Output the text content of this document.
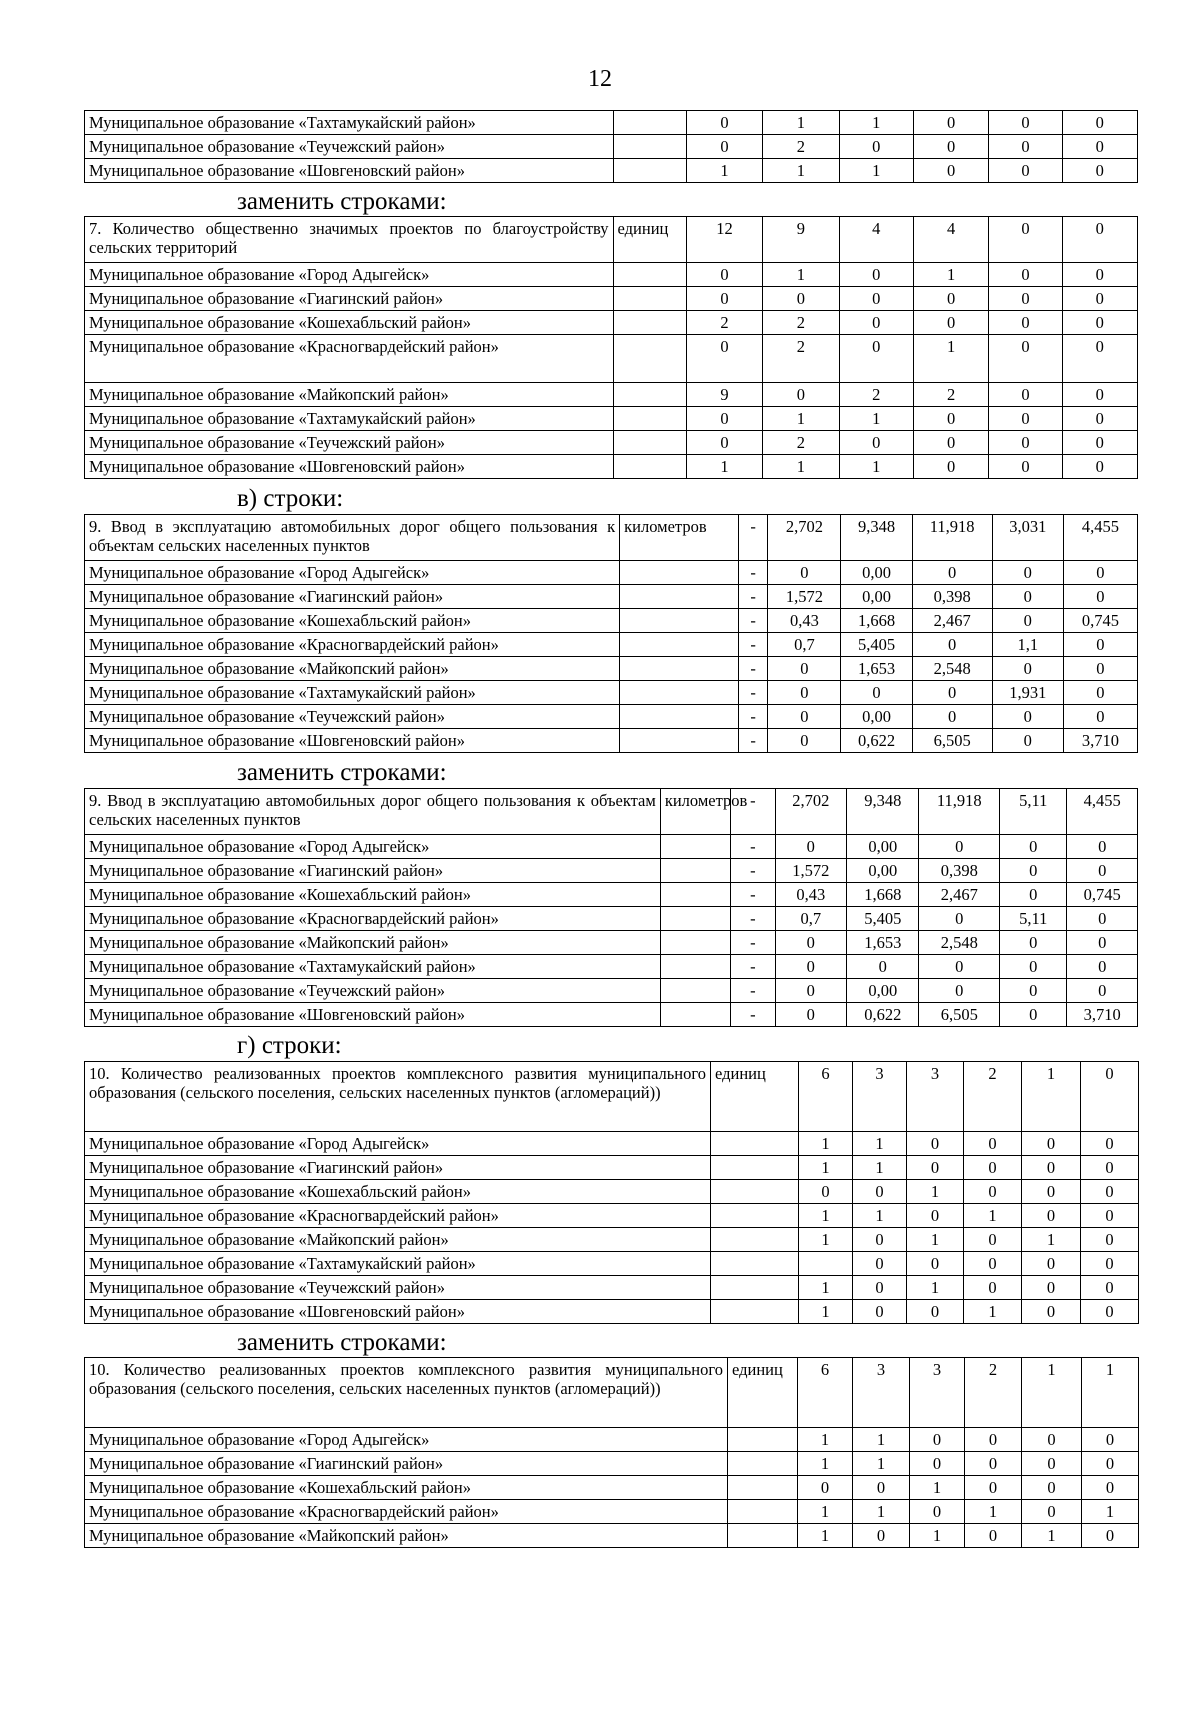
12
Муниципальное образование «Тахтамукайский район»		0	1	1	0	0	0
Муниципальное образование «Теучежский район»		0	2	0	0	0	0
Муниципальное образование «Шовгеновский район»		1	1	1	0	0	0
заменить строками:
7. Количество общественно значимых проектов по благоустройству сельских территорий	единиц	12	9	4	4	0	0
Муниципальное образование «Город Адыгейск»		0	1	0	1	0	0
Муниципальное образование «Гиагинский район»		0	0	0	0	0	0
Муниципальное образование «Кошехабльский район»		2	2	0	0	0	0
Муниципальное образование «Красногвардейский район»		0	2	0	1	0	0
Муниципальное образование «Майкопский район»		9	0	2	2	0	0
Муниципальное образование «Тахтамукайский район»		0	1	1	0	0	0
Муниципальное образование «Теучежский район»		0	2	0	0	0	0
Муниципальное образование «Шовгеновский район»		1	1	1	0	0	0
в) строки:
9. Ввод в эксплуатацию автомобильных дорог общего пользования к объектам сельских населенных пунктов	километров	-	2,702	9,348	11,918	3,031	4,455
Муниципальное образование «Город Адыгейск»		-	0	0,00	0	0	0
Муниципальное образование «Гиагинский район»		-	1,572	0,00	0,398	0	0
Муниципальное образование «Кошехабльский район»		-	0,43	1,668	2,467	0	0,745
Муниципальное образование «Красногвардейский район»		-	0,7	5,405	0	1,1	0
Муниципальное образование «Майкопский район»		-	0	1,653	2,548	0	0
Муниципальное образование «Тахтамукайский район»		-	0	0	0	1,931	0
Муниципальное образование «Теучежский район»		-	0	0,00	0	0	0
Муниципальное образование «Шовгеновский район»		-	0	0,622	6,505	0	3,710
заменить строками:
9. Ввод в эксплуатацию автомобильных дорог общего пользования к объектам сельских населенных пунктов	километров	-	2,702	9,348	11,918	5,11	4,455
Муниципальное образование «Город Адыгейск»		-	0	0,00	0	0	0
Муниципальное образование «Гиагинский район»		-	1,572	0,00	0,398	0	0
Муниципальное образование «Кошехабльский район»		-	0,43	1,668	2,467	0	0,745
Муниципальное образование «Красногвардейский район»		-	0,7	5,405	0	5,11	0
Муниципальное образование «Майкопский район»		-	0	1,653	2,548	0	0
Муниципальное образование «Тахтамукайский район»		-	0	0	0	0	0
Муниципальное образование «Теучежский район»		-	0	0,00	0	0	0
Муниципальное образование «Шовгеновский район»		-	0	0,622	6,505	0	3,710
г) строки:
10. Количество реализованных проектов комплексного развития муниципального образования (сельского поселения, сельских населенных пунктов (агломераций))	единиц	6	3	3	2	1	0
Муниципальное образование «Город Адыгейск»		1	1	0	0	0	0
Муниципальное образование «Гиагинский район»		1	1	0	0	0	0
Муниципальное образование «Кошехабльский район»		0	0	1	0	0	0
Муниципальное образование «Красногвардейский район»		1	1	0	1	0	0
Муниципальное образование «Майкопский район»		1	0	1	0	1	0
Муниципальное образование «Тахтамукайский район»			0	0	0	0	0
Муниципальное образование «Теучежский район»		1	0	1	0	0	0
Муниципальное образование «Шовгеновский район»		1	0	0	1	0	0
заменить строками:
10. Количество реализованных проектов комплексного развития муниципального образования (сельского поселения, сельских населенных пунктов (агломераций))	единиц	6	3	3	2	1	1
Муниципальное образование «Город Адыгейск»		1	1	0	0	0	0
Муниципальное образование «Гиагинский район»		1	1	0	0	0	0
Муниципальное образование «Кошехабльский район»		0	0	1	0	0	0
Муниципальное образование «Красногвардейский район»		1	1	0	1	0	1
Муниципальное образование «Майкопский район»		1	0	1	0	1	0
